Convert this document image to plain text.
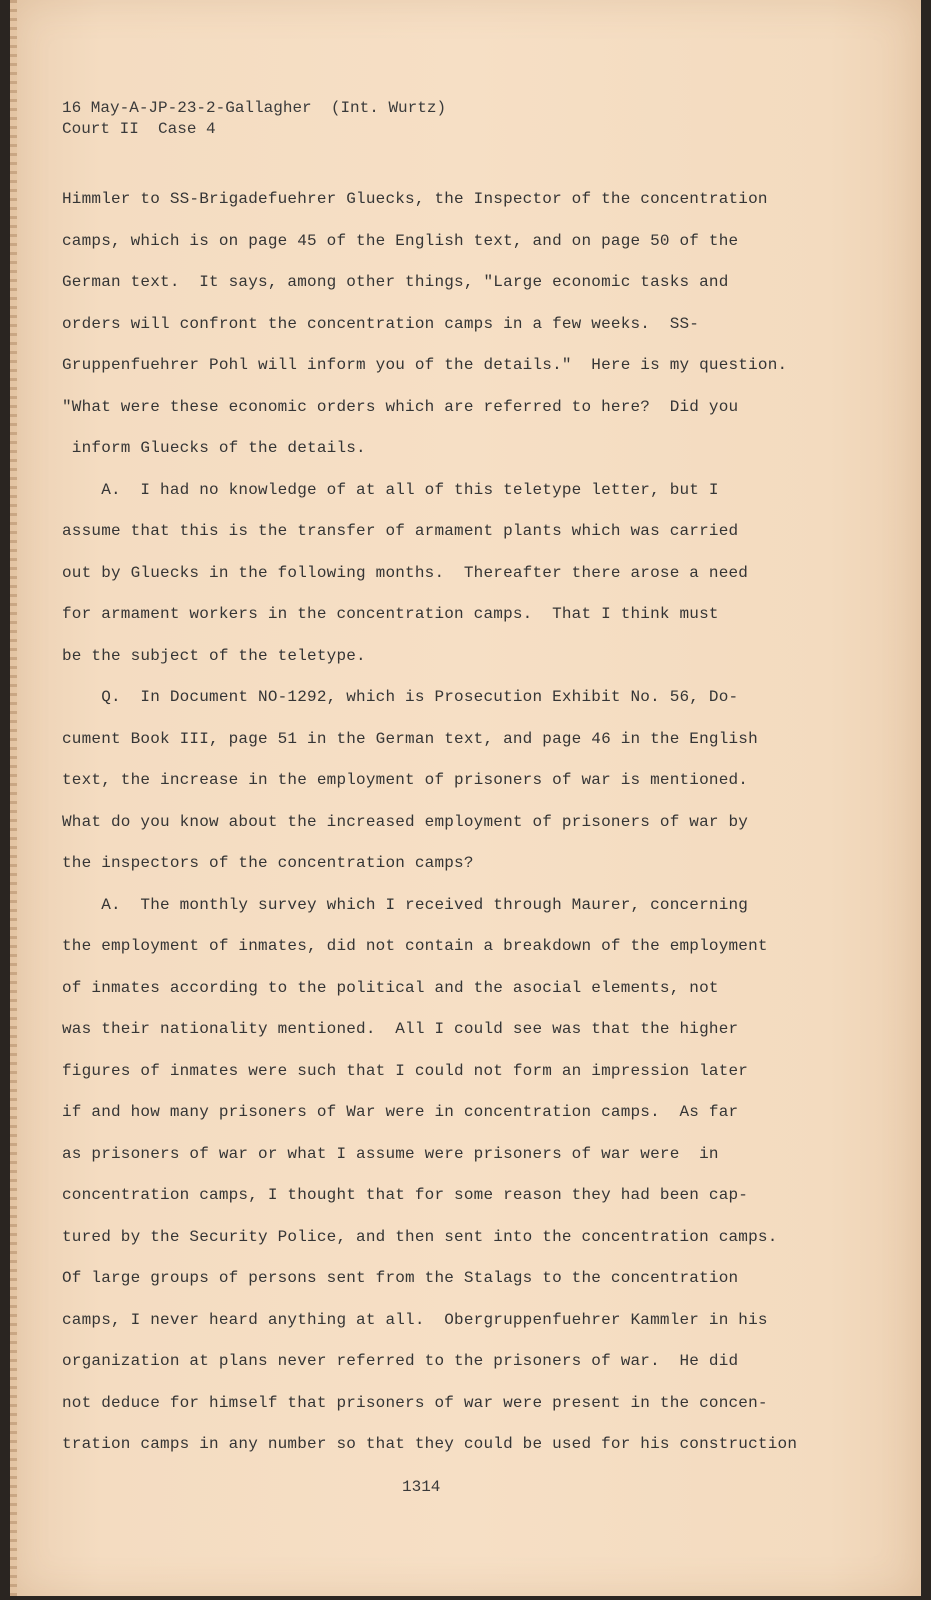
16 May-A-JP-23-2-Gallagher  (Int. Wurtz)
Court II  Case 4
Himmler to SS-Brigadefuehrer Gluecks, the Inspector of the concentration
camps, which is on page 45 of the English text, and on page 50 of the
German text.  It says, among other things, "Large economic tasks and
orders will confront the concentration camps in a few weeks.  SS-
Gruppenfuehrer Pohl will inform you of the details."  Here is my question.
"What were these economic orders which are referred to here?  Did you
inform Gluecks of the details.
A.  I had no knowledge of at all of this teletype letter, but I
assume that this is the transfer of armament plants which was carried
out by Gluecks in the following months.  Thereafter there arose a need
for armament workers in the concentration camps.  That I think must
be the subject of the teletype.
Q.  In Document NO-1292, which is Prosecution Exhibit No. 56, Do-
cument Book III, page 51 in the German text, and page 46 in the English
text, the increase in the employment of prisoners of war is mentioned.
What do you know about the increased employment of prisoners of war by
the inspectors of the concentration camps?
A.  The monthly survey which I received through Maurer, concerning
the employment of inmates, did not contain a breakdown of the employment
of inmates according to the political and the asocial elements, not
was their nationality mentioned.  All I could see was that the higher
figures of inmates were such that I could not form an impression later
if and how many prisoners of War were in concentration camps.  As far
as prisoners of war or what I assume were prisoners of war were  in
concentration camps, I thought that for some reason they had been cap-
tured by the Security Police, and then sent into the concentration camps.
Of large groups of persons sent from the Stalags to the concentration
camps, I never heard anything at all.  Obergruppenfuehrer Kammler in his
organization at plans never referred to the prisoners of war.  He did
not deduce for himself that prisoners of war were present in the concen-
tration camps in any number so that they could be used for his construction
1314
